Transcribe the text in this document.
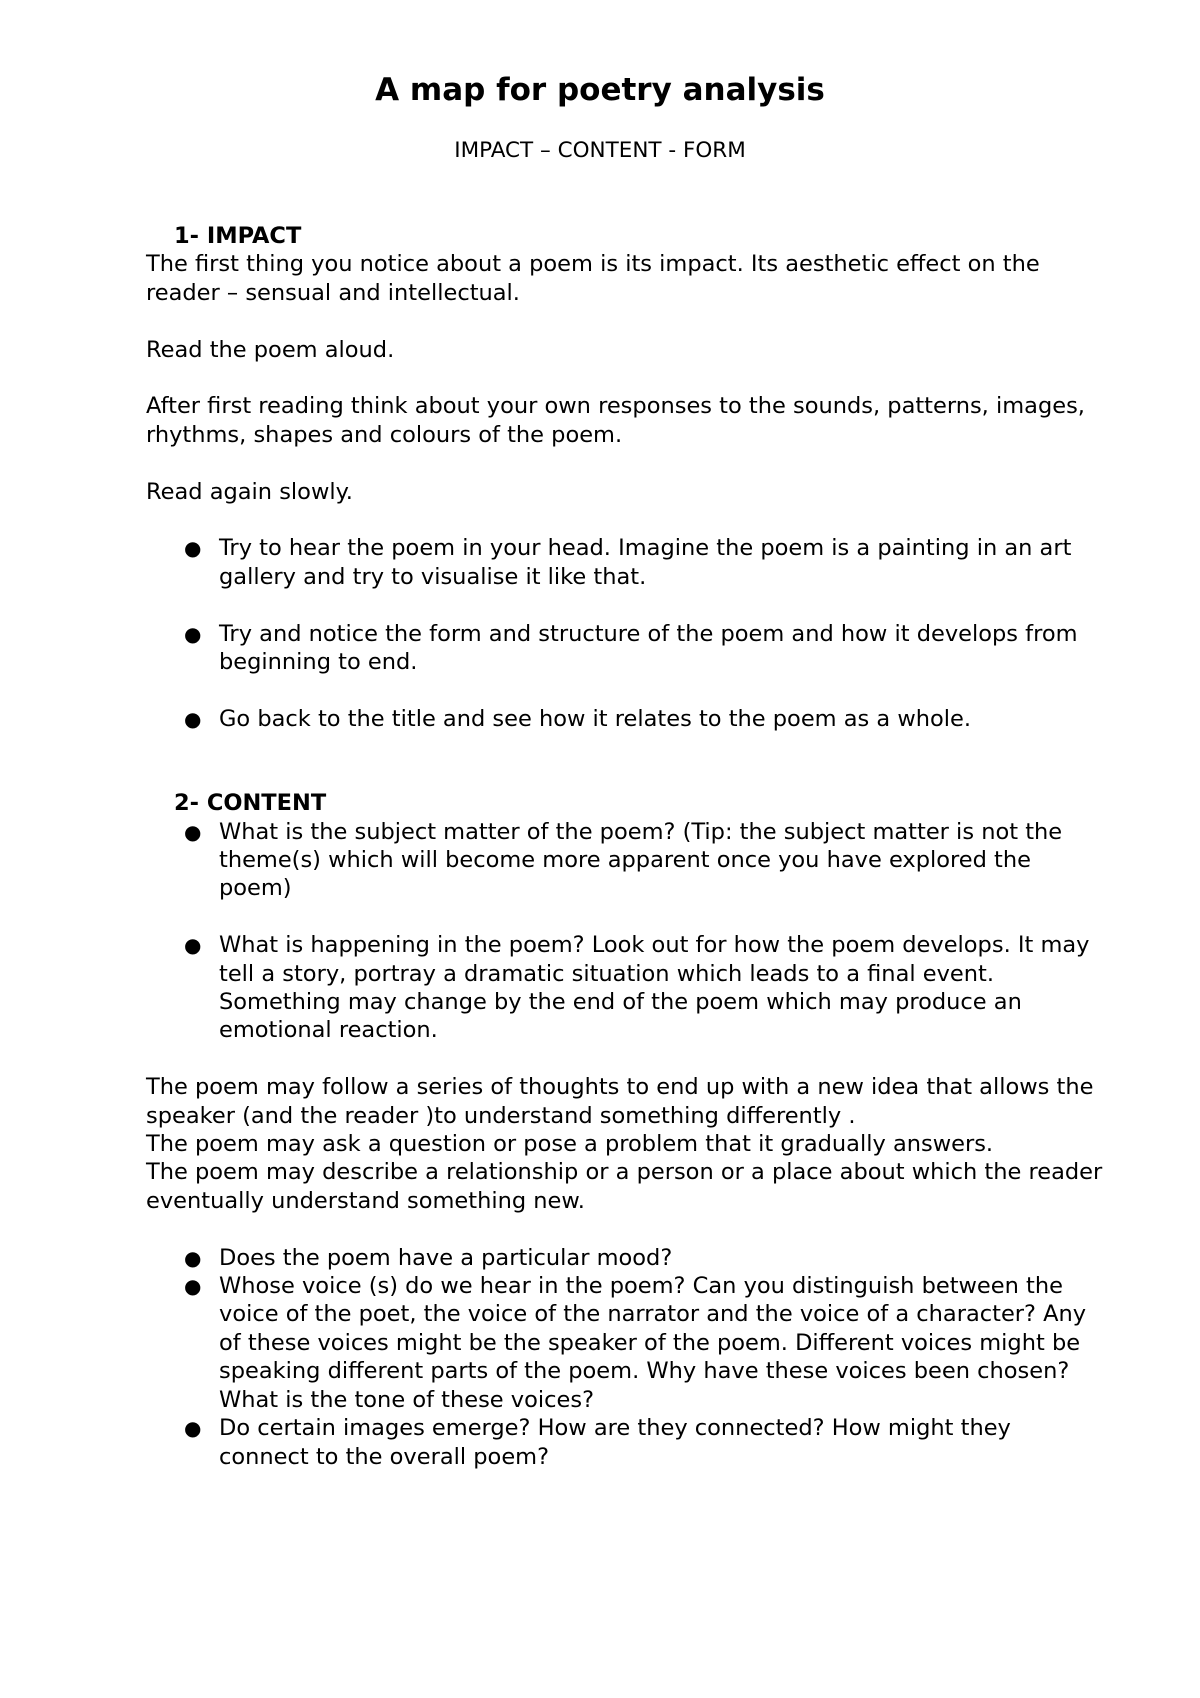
A map for poetry analysis

IMPACT – CONTENT - FORM

1- IMPACT

The first thing you notice about a poem is its impact. Its aesthetic effect on the reader – sensual and intellectual.

Read the poem aloud.

After first reading think about your own responses to the sounds, patterns, images, rhythms, shapes and colours of the poem.

Read again slowly.

● Try to hear the poem in your head. Imagine the poem is a painting in an art gallery and try to visualise it like that.
● Try and notice the form and structure of the poem and how it develops from beginning to end.
● Go back to the title and see how it relates to the poem as a whole.

2- CONTENT

● What is the subject matter of the poem? (Tip: the subject matter is not the theme(s) which will become more apparent once you have explored the poem)
● What is happening in the poem? Look out for how the poem develops. It may tell a story, portray a dramatic situation which leads to a final event. Something may change by the end of the poem which may produce an emotional reaction.

The poem may follow a series of thoughts to end up with a new idea that allows the speaker (and the reader )to understand something differently .

The poem may ask a question or pose a problem that it gradually answers.

The poem may describe a relationship or a person or a place about which the reader eventually understand something new.

● Does the poem have a particular mood?
● Whose voice (s) do we hear in the poem? Can you distinguish between the voice of the poet, the voice of the narrator and the voice of a character? Any of these voices might be the speaker of the poem. Different voices might be speaking different parts of the poem. Why have these voices been chosen? What is the tone of these voices?
● Do certain images emerge? How are they connected? How might they connect to the overall poem?
